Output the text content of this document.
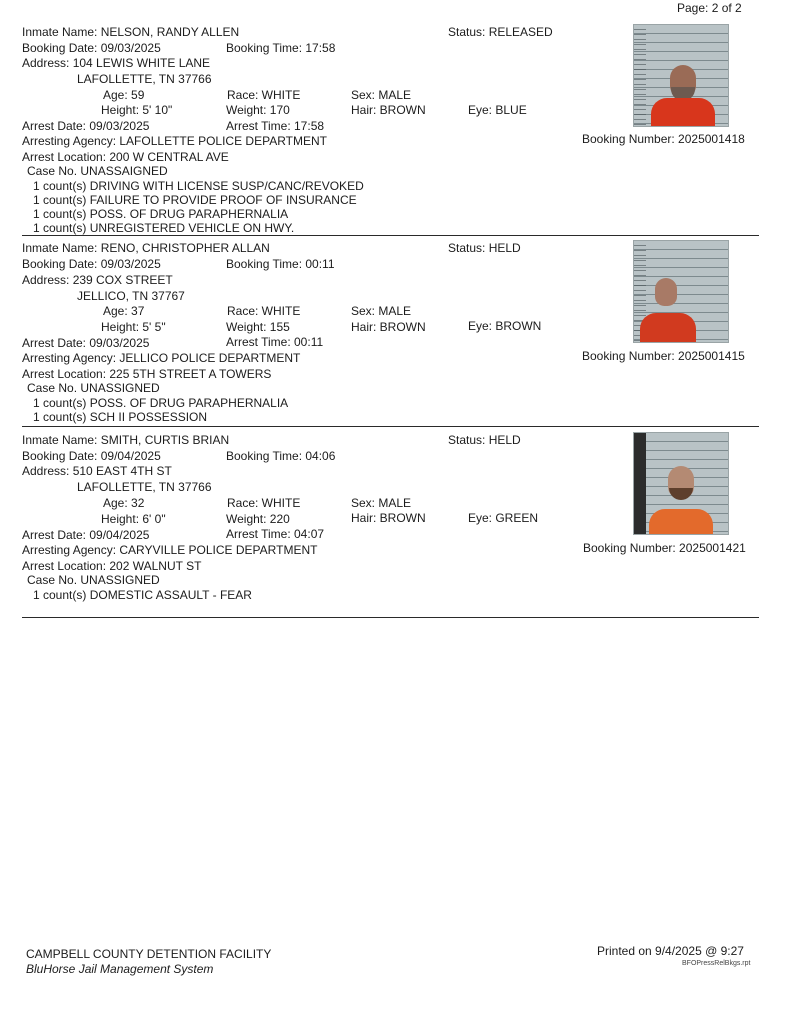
Page: 2 of 2
Inmate Name: NELSON, RANDY ALLEN	Status: RELEASED
Booking Date: 09/03/2025	Booking Time: 17:58
Address: 104 LEWIS WHITE LANE
LAFOLLETTE, TN 37766
Age: 59	Race: WHITE	Sex: MALE
Height: 5' 10"	Weight: 170	Hair: BROWN	Eye: BLUE
Arrest Date: 09/03/2025	Arrest Time: 17:58
Arresting Agency: LAFOLLETTE POLICE DEPARTMENT	Booking Number: 2025001418
Arrest Location: 200 W CENTRAL AVE
Case No. UNASSAIGNED
1 count(s) DRIVING WITH LICENSE SUSP/CANC/REVOKED
1 count(s) FAILURE TO PROVIDE PROOF OF INSURANCE
1 count(s) POSS. OF DRUG PARAPHERNALIA
1 count(s) UNREGISTERED VEHICLE ON HWY.
Inmate Name: RENO, CHRISTOPHER ALLAN	Status: HELD
Booking Date: 09/03/2025	Booking Time: 00:11
Address: 239 COX STREET
JELLICO, TN 37767
Age: 37	Race: WHITE	Sex: MALE
Height: 5' 5"	Weight: 155	Hair: BROWN	Eye: BROWN
Arrest Date: 09/03/2025	Arrest Time: 00:11
Arresting Agency: JELLICO POLICE DEPARTMENT	Booking Number: 2025001415
Arrest Location: 225 5TH STREET A TOWERS
Case No. UNASSIGNED
1 count(s) POSS. OF DRUG PARAPHERNALIA
1 count(s) SCH II POSSESSION
Inmate Name: SMITH, CURTIS BRIAN	Status: HELD
Booking Date: 09/04/2025	Booking Time: 04:06
Address: 510 EAST 4TH ST
LAFOLLETTE, TN 37766
Age: 32	Race: WHITE	Sex: MALE
Height: 6' 0"	Weight: 220	Hair: BROWN	Eye: GREEN
Arrest Date: 09/04/2025	Arrest Time: 04:07
Arresting Agency: CARYVILLE POLICE DEPARTMENT	Booking Number: 2025001421
Arrest Location: 202 WALNUT ST
Case No. UNASSIGNED
1 count(s) DOMESTIC ASSAULT - FEAR
CAMPBELL COUNTY DETENTION FACILITY
BluHorse Jail Management System
Printed on 9/4/2025 @ 9:27
BFOPressRelBkgs.rpt
